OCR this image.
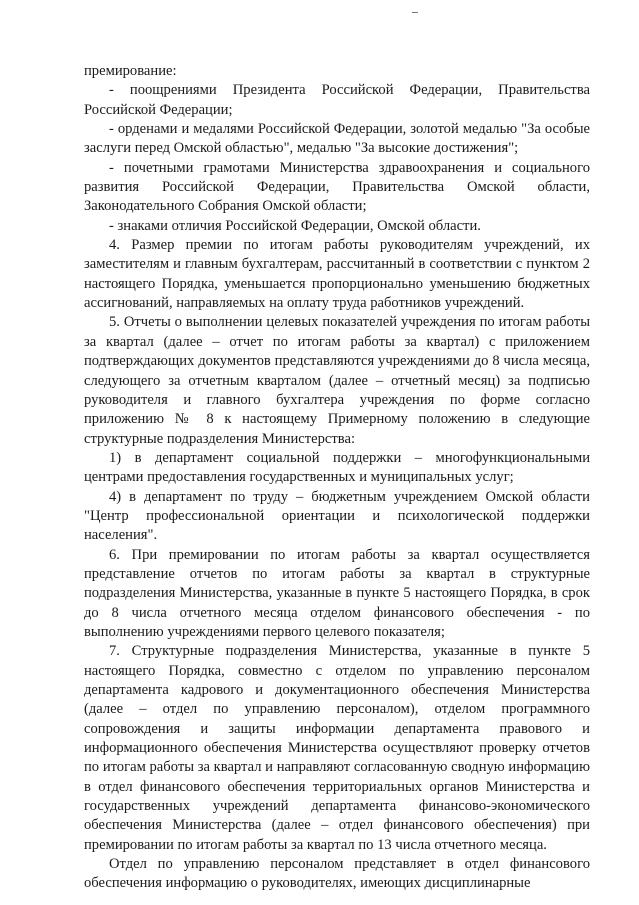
премирование:

- поощрениями Президента Российской Федерации, Правительства Российской Федерации;

- орденами и медалями Российской Федерации, золотой медалью "За особые заслуги перед Омской областью", медалью "За высокие достижения";

- почетными грамотами Министерства здравоохранения и социального развития Российской Федерации, Правительства Омской области, Законодательного Собрания Омской области;

- знаками отличия Российской Федерации, Омской области.

4. Размер премии по итогам работы руководителям учреждений, их заместителям и главным бухгалтерам, рассчитанный в соответствии с пунктом 2 настоящего Порядка, уменьшается пропорционально уменьшению бюджетных ассигнований, направляемых на оплату труда работников учреждений.

5. Отчеты о выполнении целевых показателей учреждения по итогам работы за квартал (далее – отчет по итогам работы за квартал) с приложением подтверждающих документов представляются учреждениями до 8 числа месяца, следующего за отчетным кварталом (далее – отчетный месяц) за подписью руководителя и главного бухгалтера учреждения по форме согласно приложению № 8 к настоящему Примерному положению в следующие структурные подразделения Министерства:

1) в департамент социальной поддержки – многофункциональными центрами предоставления государственных и муниципальных услуг;

4) в департамент по труду – бюджетным учреждением Омской области "Центр профессиональной ориентации и психологической поддержки населения".

6. При премировании по итогам работы за квартал осуществляется представление отчетов по итогам работы за квартал в структурные подразделения Министерства, указанные в пункте 5 настоящего Порядка, в срок до 8 числа отчетного месяца отделом финансового обеспечения - по выполнению учреждениями первого целевого показателя;

7. Структурные подразделения Министерства, указанные в пункте 5 настоящего Порядка, совместно с отделом по управлению персоналом департамента кадрового и документационного обеспечения Министерства (далее – отдел по управлению персоналом), отделом программного сопровождения и защиты информации департамента правового и информационного обеспечения Министерства осуществляют проверку отчетов по итогам работы за квартал и направляют согласованную сводную информацию в отдел финансового обеспечения территориальных органов Министерства и государственных учреждений департамента финансово-экономического обеспечения Министерства (далее – отдел финансового обеспечения) при премировании по итогам работы за квартал по 13 числа отчетного месяца.

Отдел по управлению персоналом представляет в отдел финансового обеспечения информацию о руководителях, имеющих дисциплинарные
